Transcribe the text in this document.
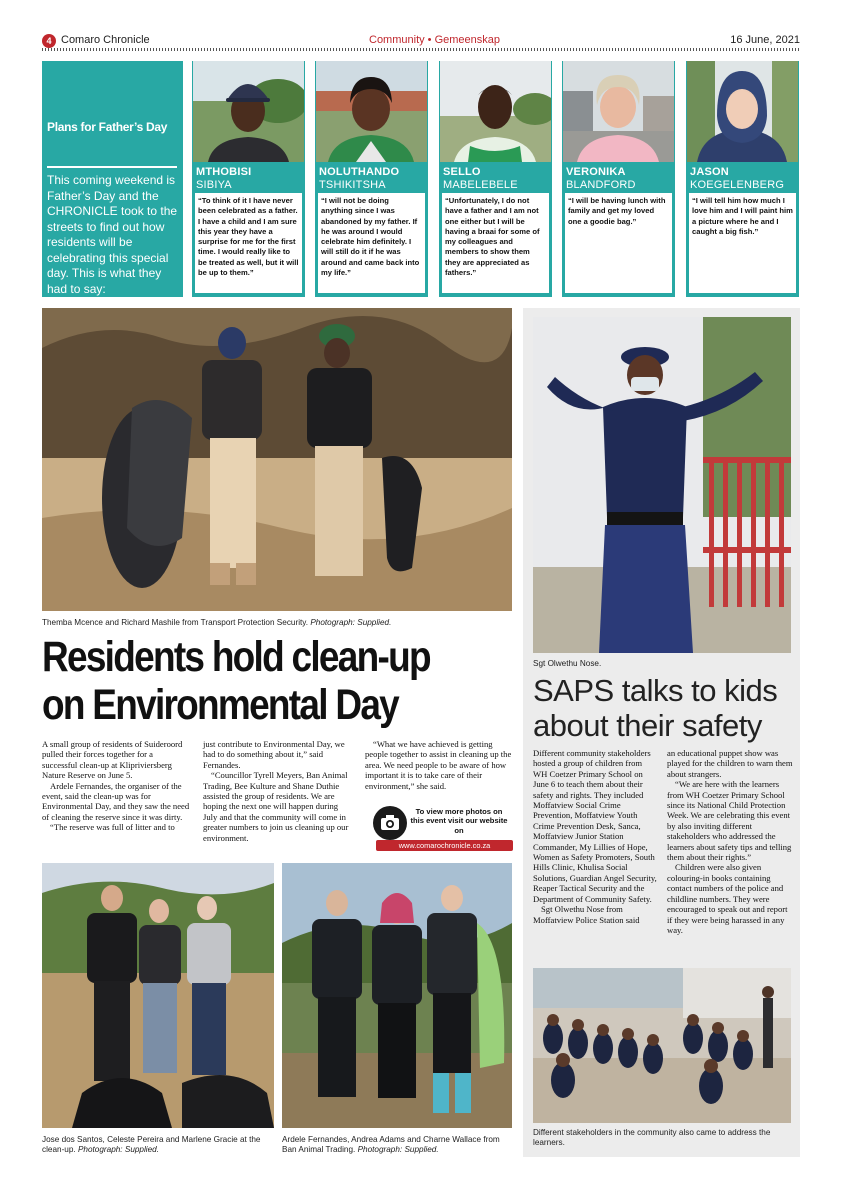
4 Comaro Chronicle	Community • Gemeenskap	16 June, 2021
Plans for Father’s Day
This coming weekend is Father’s Day and the CHRONICLE took to the streets to find out how residents will be celebrating this special day. This is what they had to say:
MTHOBISI
SIBIYA
“To think of it I have never been celebrated as a father. I have a child and I am sure this year they have a surprise for me for the first time. I would really like to be treated as well, but it will be up to them.”
NOLUTHANDO
TSHIKITSHA
“I will not be doing anything since I was abandoned by my father. If he was around I would celebrate him definitely. I will still do it if he was around and came back into my life.”
SELLO
MABELEBELE
“Unfortunately, I do not have a father and I am not one either but I will be having a braai for some of my colleagues and members to show them they are appreciated as fathers.”
VERONIKA
BLANDFORD
“I will be having lunch with family and get my loved one a goodie bag.”
JASON
KOEGELENBERG
“I will tell him how much I love him and I will paint him a picture where he and I caught a big fish.”
Themba Mcence and Richard Mashile from Transport Protection Security. Photograph: Supplied.
Residents hold clean-up on Environmental Day

A small group of residents of Suideroord pulled their forces together for a successful clean-up at Klipriviersberg Nature Reserve on June 5.

Ardele Fernandes, the organiser of the event, said the clean-up was for Environmental Day, and they saw the need of cleaning the reserve since it was dirty.

“The reserve was full of litter and to

just contribute to Environmental Day, we had to do something about it,” said Fernandes.

“Councillor Tyrell Meyers, Ban Animal Trading, Bee Kulture and Shane Duthie assisted the group of residents. We are hoping the next one will happen during July and that the community will come in greater numbers to join us cleaning up our environment.

“What we have achieved is getting people together to assist in cleaning up the area. We need people to be aware of how important it is to take care of their environment,” she said.

To view more photos on this event visit our website on
www.comarochronicle.co.za
Jose dos Santos, Celeste Pereira and Marlene Gracie at the clean-up. Photograph: Supplied.
Ardele Fernandes, Andrea Adams and Charne Wallace from Ban Animal Trading. Photograph: Supplied.
Sgt Olwethu Nose.
SAPS talks to kids about their safety

Different community stakeholders hosted a group of children from WH Coetzer Primary School on June 6 to teach them about their safety and rights. They included Moffatview Social Crime Prevention, Moffatview Youth Crime Prevention Desk, Sanca, Moffatview Junior Station Commander, My Lillies of Hope, Women as Safety Promoters, South Hills Clinic, Khulisa Social Solutions, Guardian Angel Security, Reaper Tactical Security and the Department of Community Safety.

Sgt Olwethu Nose from Moffatview Police Station said

an educational puppet show was played for the children to warn them about strangers.

“We are here with the learners from WH Coetzer Primary School since its National Child Protection Week. We are celebrating this event by also inviting different stakeholders who addressed the learners about safety tips and telling them about their rights.”

Children were also given colouring-in books containing contact numbers of the police and childline numbers. They were encouraged to speak out and report if they were being harassed in any way.

Different stakeholders in the community also came to address the learners.
